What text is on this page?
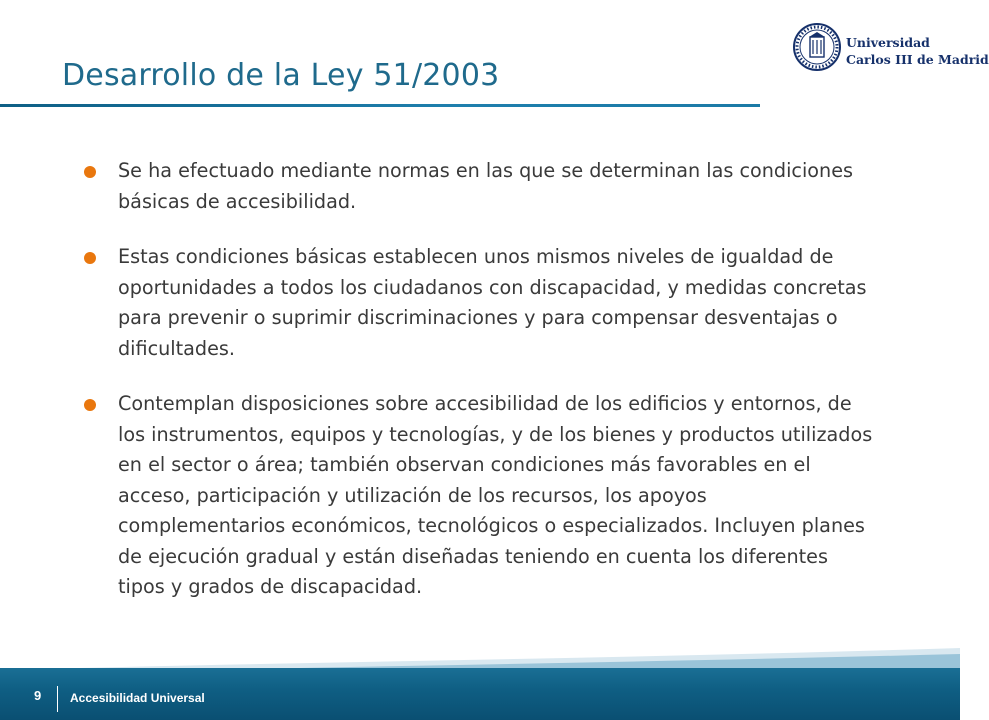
Desarrollo de la Ley 51/2003
Universidad
Carlos III de Madrid
Se ha efectuado mediante normas en las que se determinan las condiciones básicas de accesibilidad.
Estas condiciones básicas establecen unos mismos niveles de igualdad de oportunidades a todos los ciudadanos con discapacidad, y medidas concretas para prevenir o suprimir discriminaciones y para compensar desventajas o dificultades.
Contemplan disposiciones sobre accesibilidad de los edificios y entornos, de los instrumentos, equipos y tecnologías, y de los bienes y productos utilizados en el sector o área; también observan condiciones más favorables en el acceso, participación y utilización de los recursos, los apoyos complementarios económicos, tecnológicos o especializados. Incluyen planes de ejecución gradual y están diseñadas teniendo en cuenta los diferentes tipos y grados de discapacidad.
9 Accesibilidad Universal
